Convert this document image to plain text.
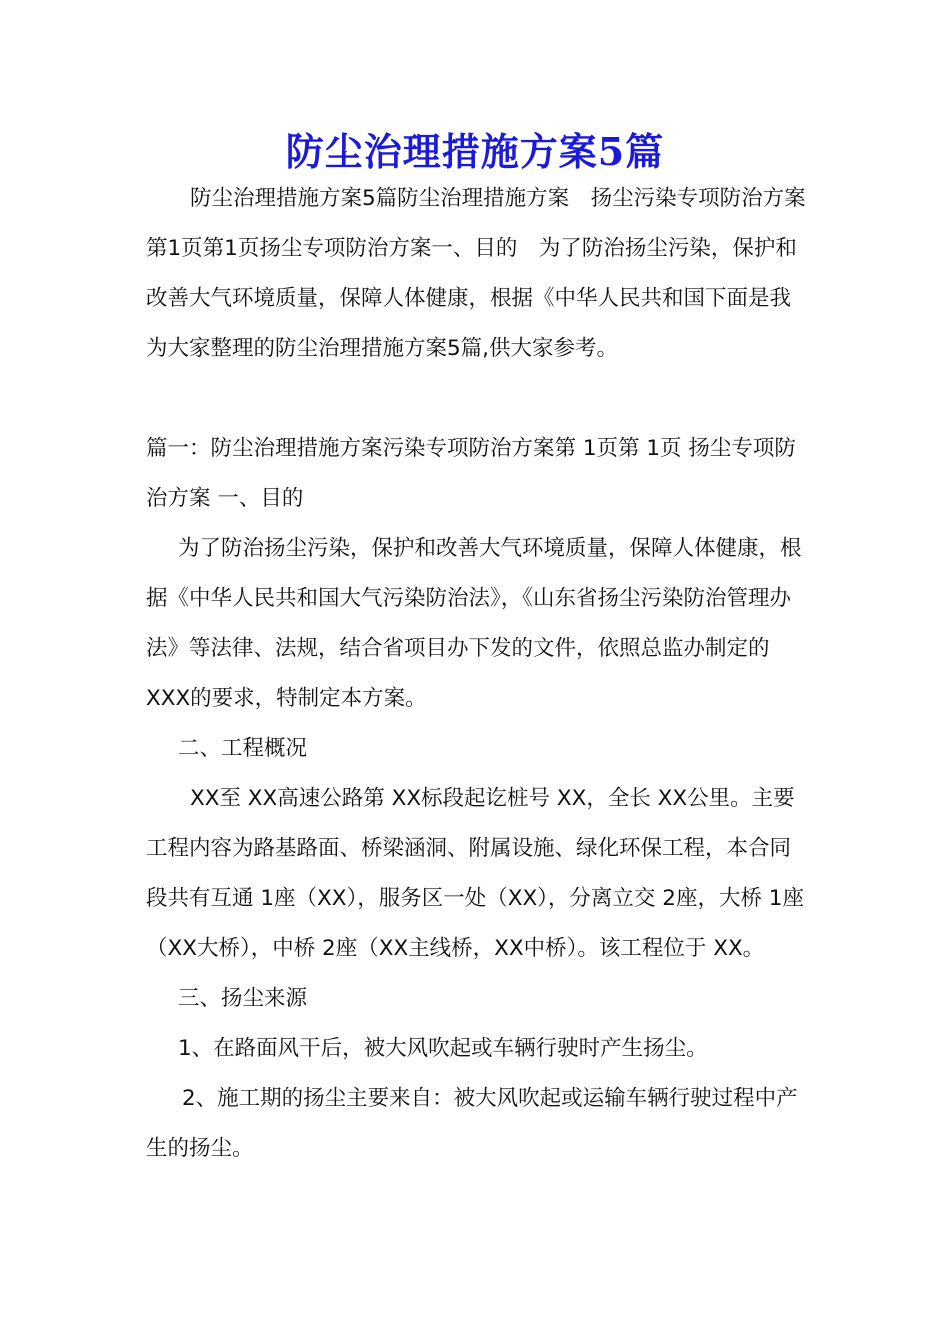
防尘治理措施方案5篇

防尘治理措施方案5篇防尘治理措施方案　扬尘污染专项防治方案第1页第1页扬尘专项防治方案一、目的　为了防治扬尘污染，保护和改善大气环境质量，保障人体健康，根据《中华人民共和国下面是我为大家整理的防尘治理措施方案5篇,供大家参考。

篇一：防尘治理措施方案污染专项防治方案第 1页第 1页 扬尘专项防治方案 一、目的

为了防治扬尘污染，保护和改善大气环境质量，保障人体健康，根据《中华人民共和国大气污染防治法》，《山东省扬尘污染防治管理办法》等法律、法规，结合省项目办下发的文件，依照总监办制定的XXX的要求，特制定本方案。

二、工程概况

XX至 XX高速公路第 XX标段起讫桩号 XX，全长 XX公里。主要工程内容为路基路面、桥梁涵洞、附属设施、绿化环保工程，本合同段共有互通 1座（XX），服务区一处（XX），分离立交 2座，大桥 1座（XX大桥），中桥 2座（XX主线桥，XX中桥）。该工程位于 XX。

三、扬尘来源

1、在路面风干后，被大风吹起或车辆行驶时产生扬尘。

2、施工期的扬尘主要来自：被大风吹起或运输车辆行驶过程中产生的扬尘。
